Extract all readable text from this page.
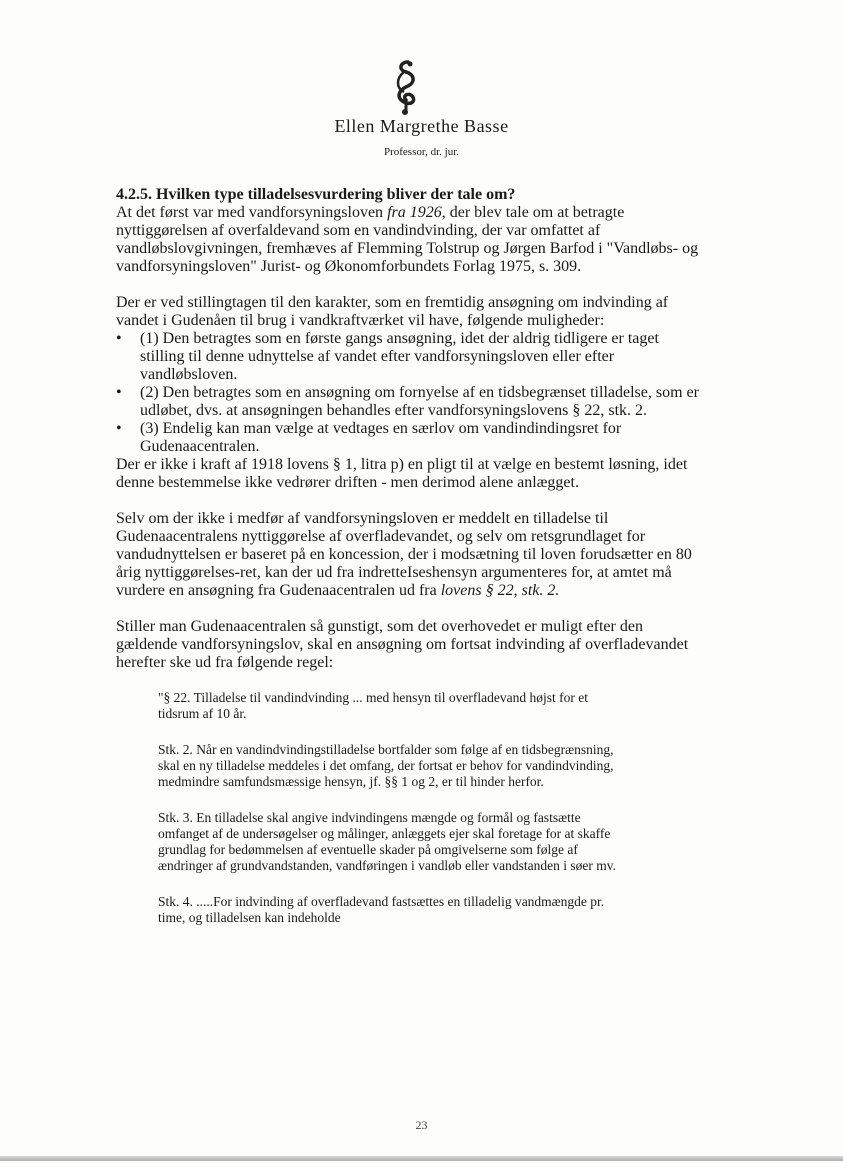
Ellen Margrethe Basse
Professor, dr. jur.

4.2.5. Hvilken type tilladelsesvurdering bliver der tale om?

At det først var med vandforsyningsloven fra 1926, der blev tale om at betragte nyttiggørelsen af overfaldevand som en vandindvinding, der var omfattet af vandløbslovgivningen, fremhæves af Flemming Tolstrup og Jørgen Barfod i "Vandløbs- og vandforsyningsloven" Jurist- og Økonomforbundets Forlag 1975, s. 309.

Der er ved stillingtagen til den karakter, som en fremtidig ansøgning om indvinding af vandet i Gudenåen til brug i vandkraftværket vil have, følgende muligheder:

• (1) Den betragtes som en første gangs ansøgning, idet der aldrig tidligere er taget stilling til denne udnyttelse af vandet efter vandforsyningsloven eller efter vandløbsloven.
• (2) Den betragtes som en ansøgning om fornyelse af en tidsbegrænset tilladelse, som er udløbet, dvs. at ansøgningen behandles efter vandforsyningslovens § 22, stk. 2.
• (3) Endelig kan man vælge at vedtages en særlov om vandindindingsret for Gudenaacentralen.

Der er ikke i kraft af 1918 lovens § 1, litra p) en pligt til at vælge en bestemt løsning, idet denne bestemmelse ikke vedrører driften - men derimod alene anlægget.

Selv om der ikke i medfør af vandforsyningsloven er meddelt en tilladelse til Gudenaacentralens nyttiggørelse af overfladevandet, og selv om retsgrundlaget for vandudnyttelsen er baseret på en koncession, der i modsætning til loven forudsætter en 80 årig nyttiggørelses-ret, kan der ud fra indretteIseshensyn argumenteres for, at amtet må vurdere en ansøgning fra Gudenaacentralen ud fra lovens § 22, stk. 2.

Stiller man Gudenaacentralen så gunstigt, som det overhovedet er muligt efter den gældende vandforsyningslov, skal en ansøgning om fortsat indvinding af overfladevandet herefter ske ud fra følgende regel:

"§ 22. Tilladelse til vandindvinding ... med hensyn til overfladevand højst for et tidsrum af 10 år.

Stk. 2. Når en vandindvindingstilladelse bortfalder som følge af en tidsbegrænsning, skal en ny tilladelse meddeles i det omfang, der fortsat er behov for vandindvinding, medmindre samfundsmæssige hensyn, jf. §§ 1 og 2, er til hinder herfor.

Stk. 3. En tilladelse skal angive indvindingens mængde og formål og fastsætte omfanget af de undersøgelser og målinger, anlæggets ejer skal foretage for at skaffe grundlag for bedømmelsen af eventuelle skader på omgivelserne som følge af ændringer af grundvandstanden, vandføringen i vandløb eller vandstanden i søer mv.

Stk. 4. .....For indvinding af overfladevand fastsættes en tilladelig vandmængde pr. time, og tilladelsen kan indeholde

23
